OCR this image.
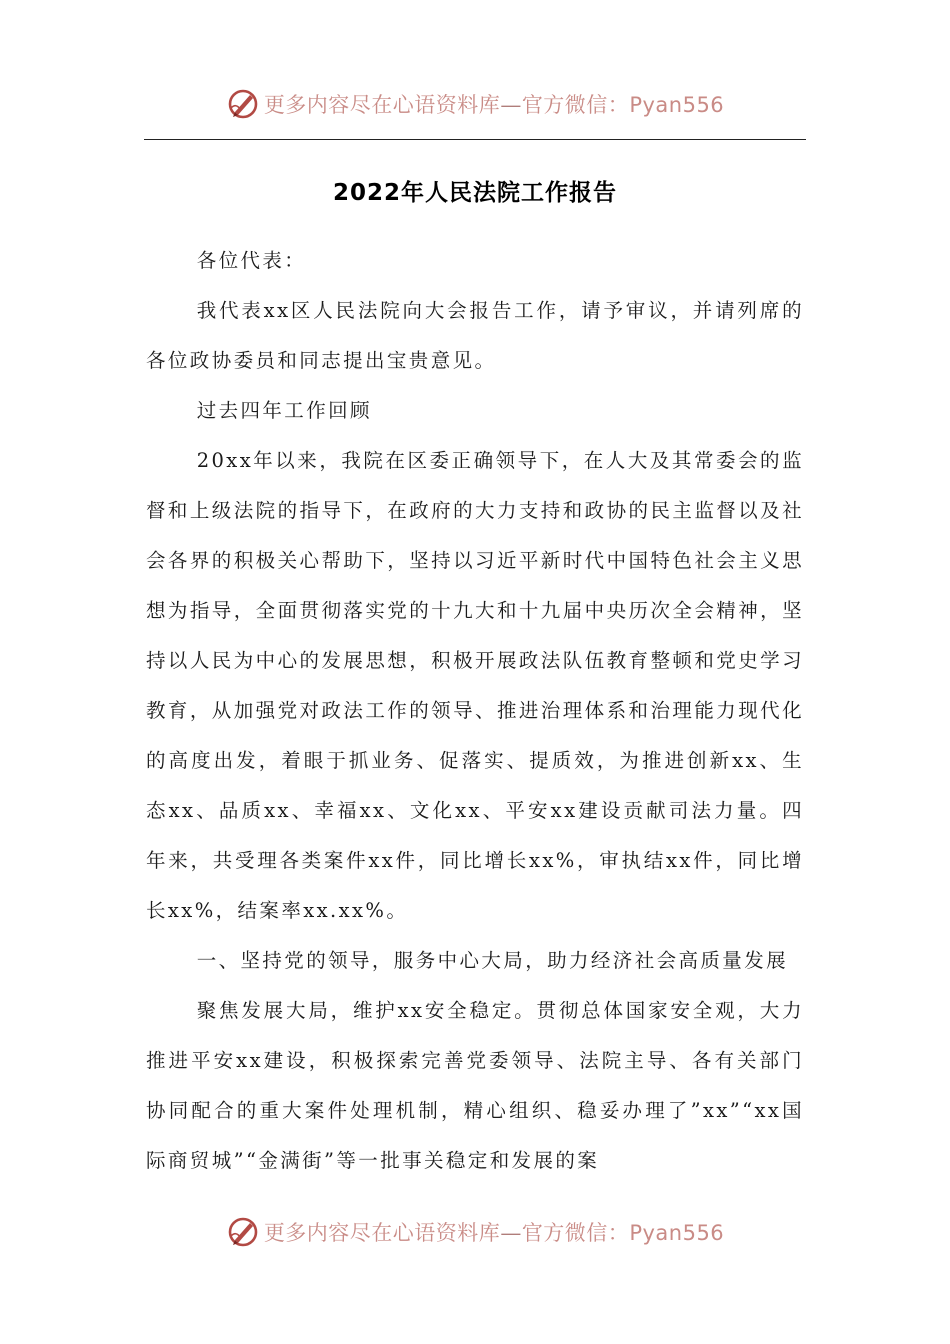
更多内容尽在心语资料库—官方微信：Pyan556
2022年人民法院工作报告

各位代表：

我代表xx区人民法院向大会报告工作，请予审议，并请列席的各位政协委员和同志提出宝贵意见。

过去四年工作回顾

20xx年以来，我院在区委正确领导下，在人大及其常委会的监督和上级法院的指导下，在政府的大力支持和政协的民主监督以及社会各界的积极关心帮助下，坚持以习近平新时代中国特色社会主义思想为指导，全面贯彻落实党的十九大和十九届中央历次全会精神，坚持以人民为中心的发展思想，积极开展政法队伍教育整顿和党史学习教育，从加强党对政法工作的领导、推进治理体系和治理能力现代化的高度出发，着眼于抓业务、促落实、提质效，为推进创新xx、生态xx、品质xx、幸福xx、文化xx、平安xx建设贡献司法力量。四年来，共受理各类案件xx件，同比增长xx%，审执结xx件，同比增长xx%，结案率xx.xx%。

一、坚持党的领导，服务中心大局，助力经济社会高质量发展

聚焦发展大局，维护xx安全稳定。贯彻总体国家安全观，大力推进平安xx建设，积极探索完善党委领导、法院主导、各有关部门协同配合的重大案件处理机制，精心组织、稳妥办理了”xx”“xx国际商贸城”“金满街”等一批事关稳定和发展的案

更多内容尽在心语资料库—官方微信：Pyan556
